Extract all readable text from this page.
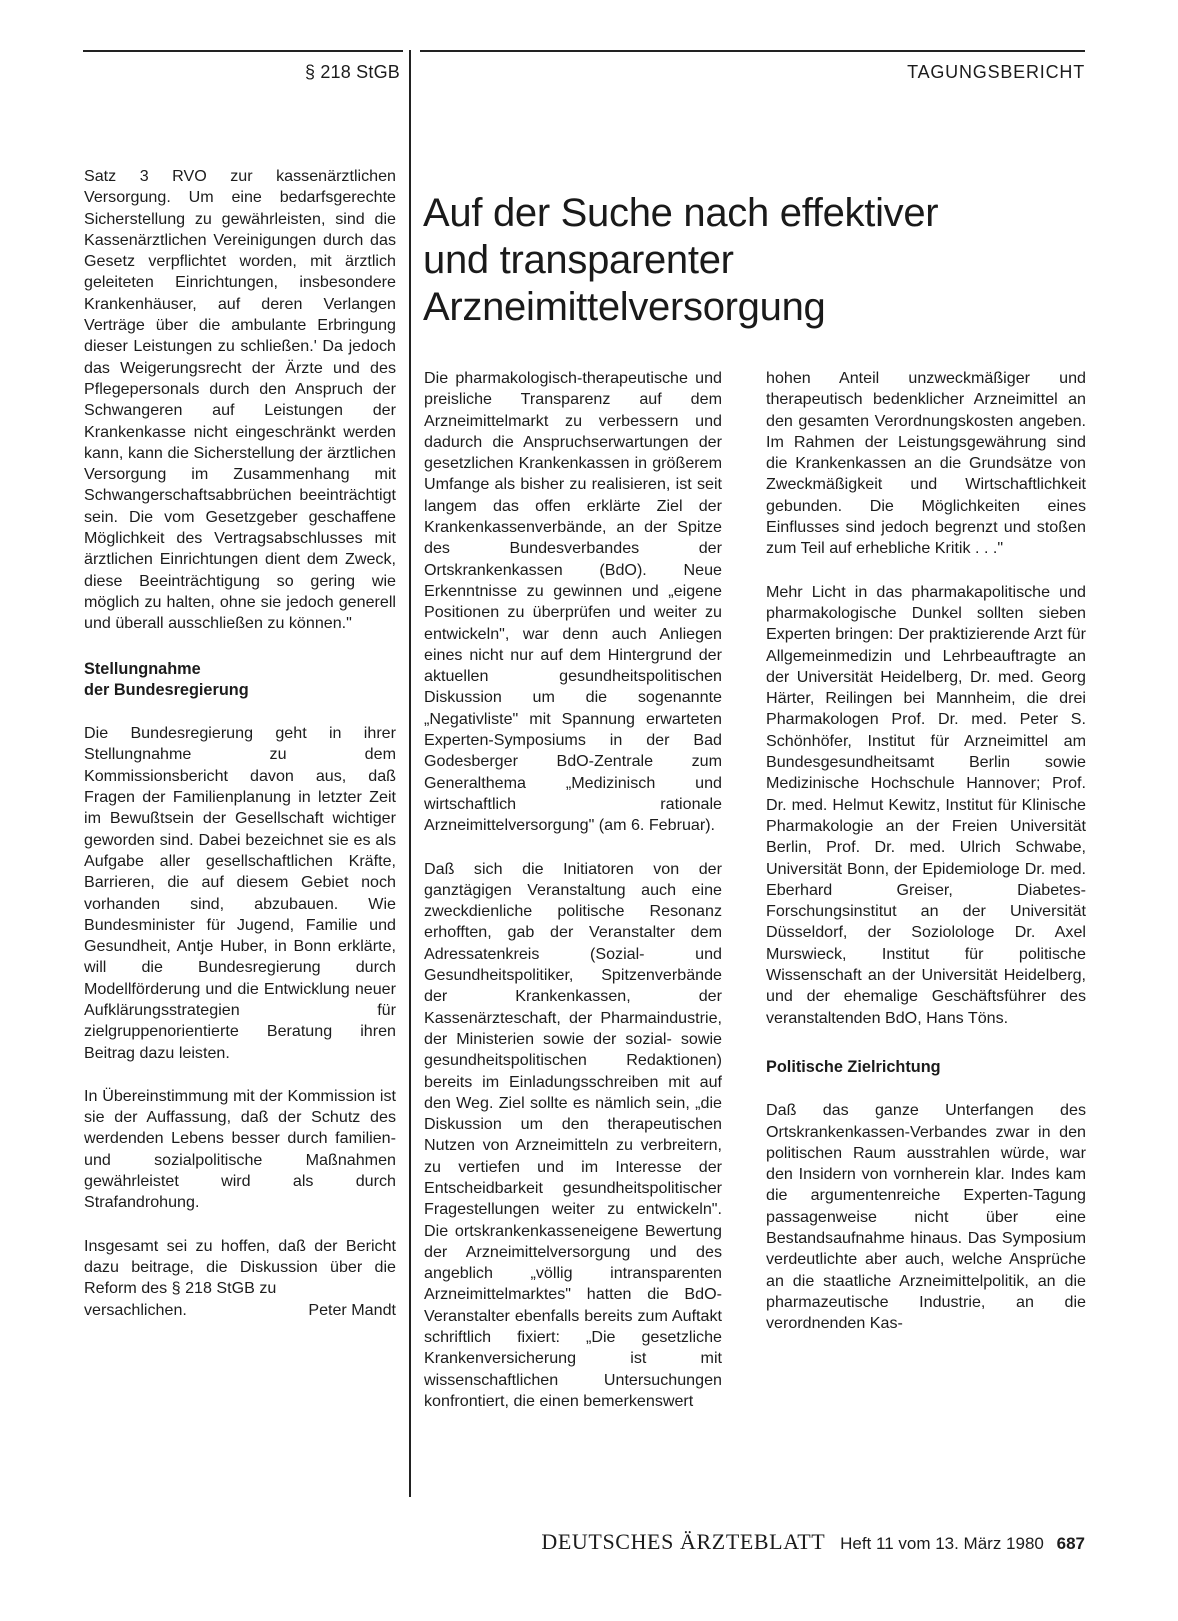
§ 218 StGB	TAGUNGSBERICHT

Satz 3 RVO zur kassenärztlichen Versorgung. Um eine bedarfsgerechte Sicherstellung zu gewährleisten, sind die Kassenärztlichen Vereinigungen durch das Gesetz verpflichtet worden, mit ärztlich geleiteten Einrichtungen, insbesondere Krankenhäuser, auf deren Verlangen Verträge über die ambulante Erbringung dieser Leistungen zu schließen.' Da jedoch das Weigerungsrecht der Ärzte und des Pflegepersonals durch den Anspruch der Schwangeren auf Leistungen der Krankenkasse nicht eingeschränkt werden kann, kann die Sicherstellung der ärztlichen Versorgung im Zusammenhang mit Schwangerschaftsabbrüchen beeinträchtigt sein. Die vom Gesetzgeber geschaffene Möglichkeit des Vertragsabschlusses mit ärztlichen Einrichtungen dient dem Zweck, diese Beeinträchtigung so gering wie möglich zu halten, ohne sie jedoch generell und überall ausschließen zu können."

Stellungnahme
der Bundesregierung

Die Bundesregierung geht in ihrer Stellungnahme zu dem Kommissionsbericht davon aus, daß Fragen der Familienplanung in letzter Zeit im Bewußtsein der Gesellschaft wichtiger geworden sind. Dabei bezeichnet sie es als Aufgabe aller gesellschaftlichen Kräfte, Barrieren, die auf diesem Gebiet noch vorhanden sind, abzubauen. Wie Bundesminister für Jugend, Familie und Gesundheit, Antje Huber, in Bonn erklärte, will die Bundesregierung durch Modellförderung und die Entwicklung neuer Aufklärungsstrategien für zielgruppenorientierte Beratung ihren Beitrag dazu leisten.

In Übereinstimmung mit der Kommission ist sie der Auffassung, daß der Schutz des werdenden Lebens besser durch familien- und sozialpolitische Maßnahmen gewährleistet wird als durch Strafandrohung.

Insgesamt sei zu hoffen, daß der Bericht dazu beitrage, die Diskussion über die Reform des § 218 StGB zu

versachlichen.	Peter Mandt

Auf der Suche nach effektiver
und transparenter
Arzneimittelversorgung

Die pharmakologisch-therapeutische und preisliche Transparenz auf dem Arzneimittelmarkt zu verbessern und dadurch die Anspruchserwartungen der gesetzlichen Krankenkassen in größerem Umfange als bisher zu realisieren, ist seit langem das offen erklärte Ziel der Krankenkassenverbände, an der Spitze des Bundesverbandes der Ortskrankenkassen (BdO). Neue Erkenntnisse zu gewinnen und „eigene Positionen zu überprüfen und weiter zu entwickeln", war denn auch Anliegen eines nicht nur auf dem Hintergrund der aktuellen gesundheitspolitischen Diskussion um die sogenannte „Negativliste" mit Spannung erwarteten Experten-Symposiums in der Bad Godesberger BdO-Zentrale zum Generalthema „Medizinisch und wirtschaftlich rationale Arzneimittelversorgung" (am 6. Februar).

Daß sich die Initiatoren von der ganztägigen Veranstaltung auch eine zweckdienliche politische Resonanz erhofften, gab der Veranstalter dem Adressatenkreis (Sozial- und Gesundheitspolitiker, Spitzenverbände der Krankenkassen, der Kassenärzteschaft, der Pharmaindustrie, der Ministerien sowie der sozial- sowie gesundheitspolitischen Redaktionen) bereits im Einladungsschreiben mit auf den Weg. Ziel sollte es nämlich sein, „die Diskussion um den therapeutischen Nutzen von Arzneimitteln zu verbreitern, zu vertiefen und im Interesse der Entscheidbarkeit gesundheitspolitischer Fragestellungen weiter zu entwickeln". Die ortskrankenkasseneigene Bewertung der Arzneimittelversorgung und des angeblich „völlig intransparenten Arzneimittelmarktes" hatten die BdO-Veranstalter ebenfalls bereits zum Auftakt schriftlich fixiert: „Die gesetzliche Krankenversicherung ist mit wissenschaftlichen Untersuchungen konfrontiert, die einen bemerkenswert

hohen Anteil unzweckmäßiger und therapeutisch bedenklicher Arzneimittel an den gesamten Verordnungskosten angeben. Im Rahmen der Leistungsgewährung sind die Krankenkassen an die Grundsätze von Zweckmäßigkeit und Wirtschaftlichkeit gebunden. Die Möglichkeiten eines Einflusses sind jedoch begrenzt und stoßen zum Teil auf erhebliche Kritik . . ."

Mehr Licht in das pharmakapolitische und pharmakologische Dunkel sollten sieben Experten bringen: Der praktizierende Arzt für Allgemeinmedizin und Lehrbeauftragte an der Universität Heidelberg, Dr. med. Georg Härter, Reilingen bei Mannheim, die drei Pharmakologen Prof. Dr. med. Peter S. Schönhöfer, Institut für Arzneimittel am Bundesgesundheitsamt Berlin sowie Medizinische Hochschule Hannover; Prof. Dr. med. Helmut Kewitz, Institut für Klinische Pharmakologie an der Freien Universität Berlin, Prof. Dr. med. Ulrich Schwabe, Universität Bonn, der Epidemiologe Dr. med. Eberhard Greiser, Diabetes-Forschungsinstitut an der Universität Düsseldorf, der Soziolologe Dr. Axel Murswieck, Institut für politische Wissenschaft an der Universität Heidelberg, und der ehemalige Geschäftsführer des veranstaltenden BdO, Hans Töns.

Politische Zielrichtung

Daß das ganze Unterfangen des Ortskrankenkassen-Verbandes zwar in den politischen Raum ausstrahlen würde, war den Insidern von vornherein klar. Indes kam die argumentenreiche Experten-Tagung passagenweise nicht über eine Bestandsaufnahme hinaus. Das Symposium verdeutlichte aber auch, welche Ansprüche an die staatliche Arzneimittelpolitik, an die pharmazeutische Industrie, an die verordnenden Kas-

DEUTSCHES ÄRZTEBLATT Heft 11 vom 13. März 1980 687
